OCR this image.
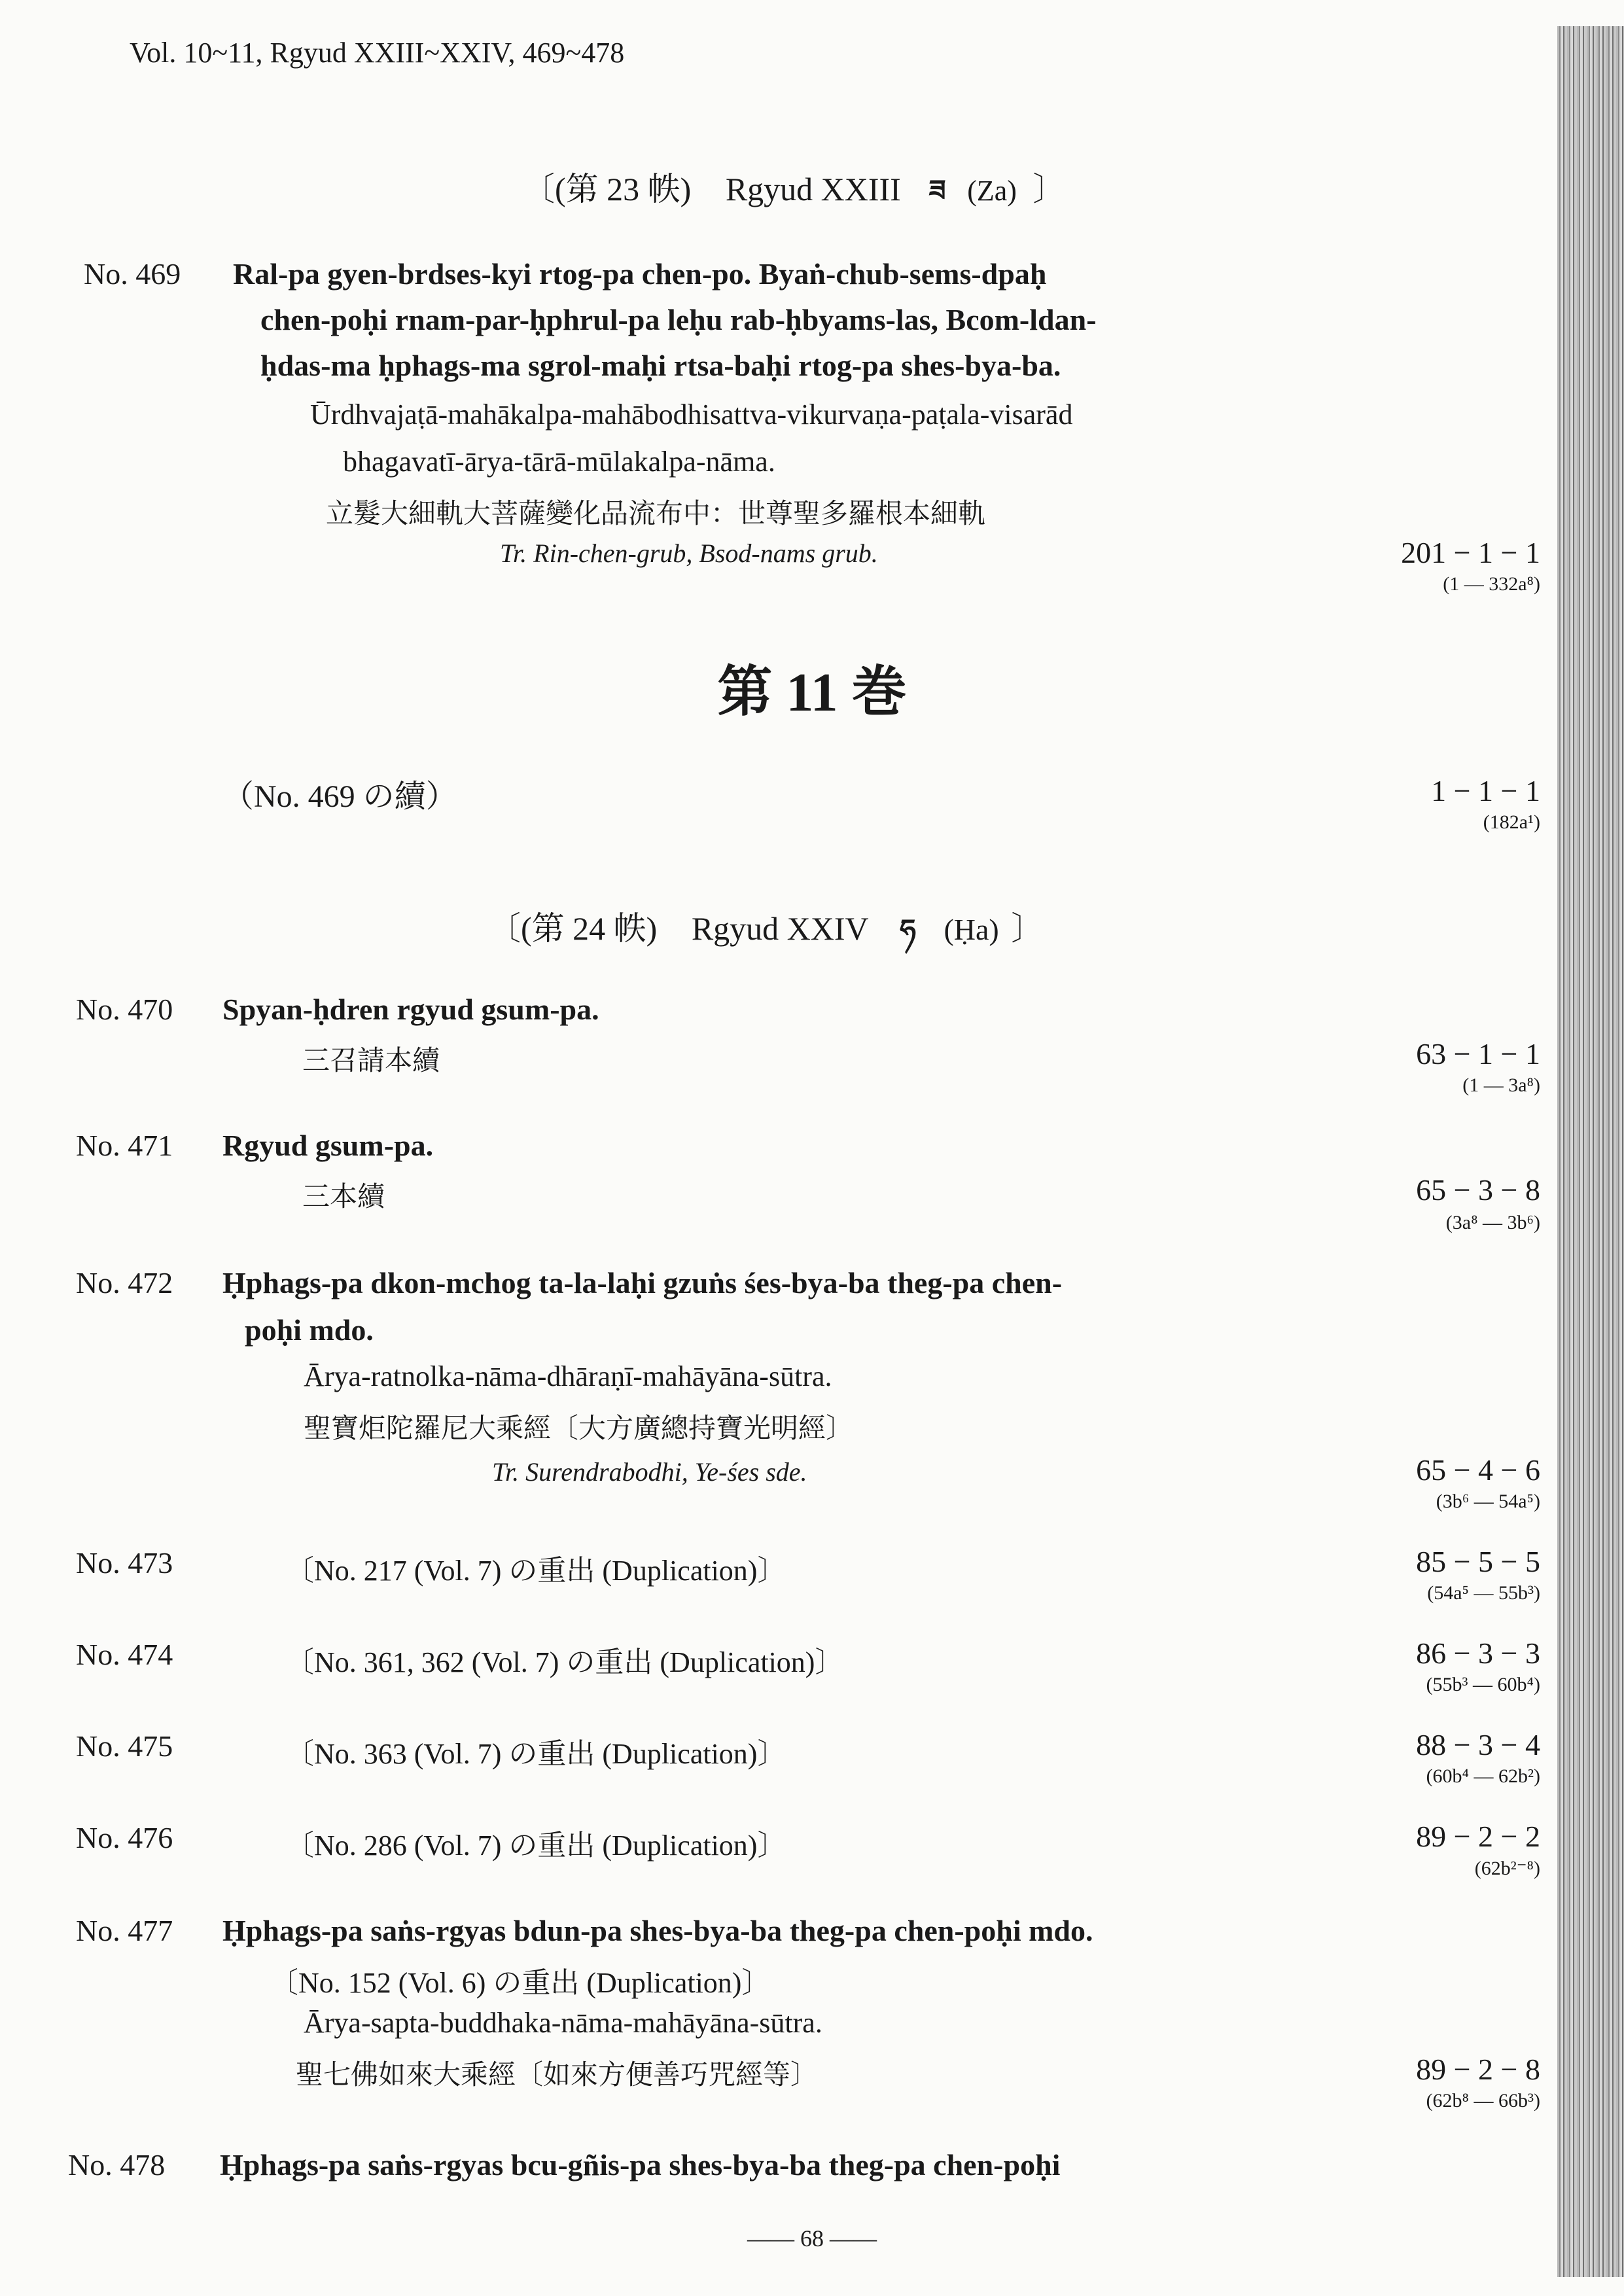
Vol. 10~11, Rgyud XXIII~XXIV, 469~478
〔(第 23 帙) Rgyud XXIII ཟ (Za) 〕
No. 469 Ral-pa gyen-brdses-kyi rtog-pa chen-po. Byaṅ-chub-sems-dpaḥ
chen-poḥi rnam-par-ḥphrul-pa leḥu rab-ḥbyams-las, Bcom-ldan-
ḥdas-ma ḥphags-ma sgrol-maḥi rtsa-baḥi rtog-pa shes-bya-ba.
Ūrdhvajaṭā-mahākalpa-mahābodhisattva-vikurvaṇa-paṭala-visarād
bhagavatī-ārya-tārā-mūlakalpa-nāma.
立髮大細軌大菩薩變化品流布中：世尊聖多羅根本細軌
Tr. Rin-chen-grub, Bsod-nams grub.	201 − 1 − 1
(1 — 332a⁸)
第 11 巻
（No. 469 の續）	1 − 1 − 1
(182a¹)
〔(第 24 帙) Rgyud XXIV ཧ (Ḥa) 〕
No. 470 Spyan-ḥdren rgyud gsum-pa.
三召請本續	63 − 1 − 1
(1 — 3a⁸)
No. 471 Rgyud gsum-pa.
三本續	65 − 3 − 8
(3a⁸ — 3b⁶)
No. 472 Ḥphags-pa dkon-mchog ta-la-laḥi gzuṅs śes-bya-ba theg-pa chen-
poḥi mdo.
Ārya-ratnolka-nāma-dhāraṇī-mahāyāna-sūtra.
聖寶炬陀羅尼大乘經〔大方廣總持寶光明經〕
Tr. Surendrabodhi, Ye-śes sde.	65 − 4 − 6
(3b⁶ — 54a⁵)
No. 473	〔No. 217 (Vol. 7) の重出 (Duplication)〕	85 − 5 − 5
(54a⁵ — 55b³)
No. 474	〔No. 361, 362 (Vol. 7) の重出 (Duplication)〕	86 − 3 − 3
(55b³ — 60b⁴)
No. 475	〔No. 363 (Vol. 7) の重出 (Duplication)〕	88 − 3 − 4
(60b⁴ — 62b²)
No. 476	〔No. 286 (Vol. 7) の重出 (Duplication)〕	89 − 2 − 2
(62b²⁻⁸)
No. 477 Ḥphags-pa saṅs-rgyas bdun-pa shes-bya-ba theg-pa chen-poḥi mdo.
〔No. 152 (Vol. 6) の重出 (Duplication)〕
Ārya-sapta-buddhaka-nāma-mahāyāna-sūtra.
聖七佛如來大乘經〔如來方便善巧咒經等〕	89 − 2 − 8
(62b⁸ — 66b³)
No. 478 Ḥphags-pa saṅs-rgyas bcu-gñis-pa shes-bya-ba theg-pa chen-poḥi
—— 68 ——
